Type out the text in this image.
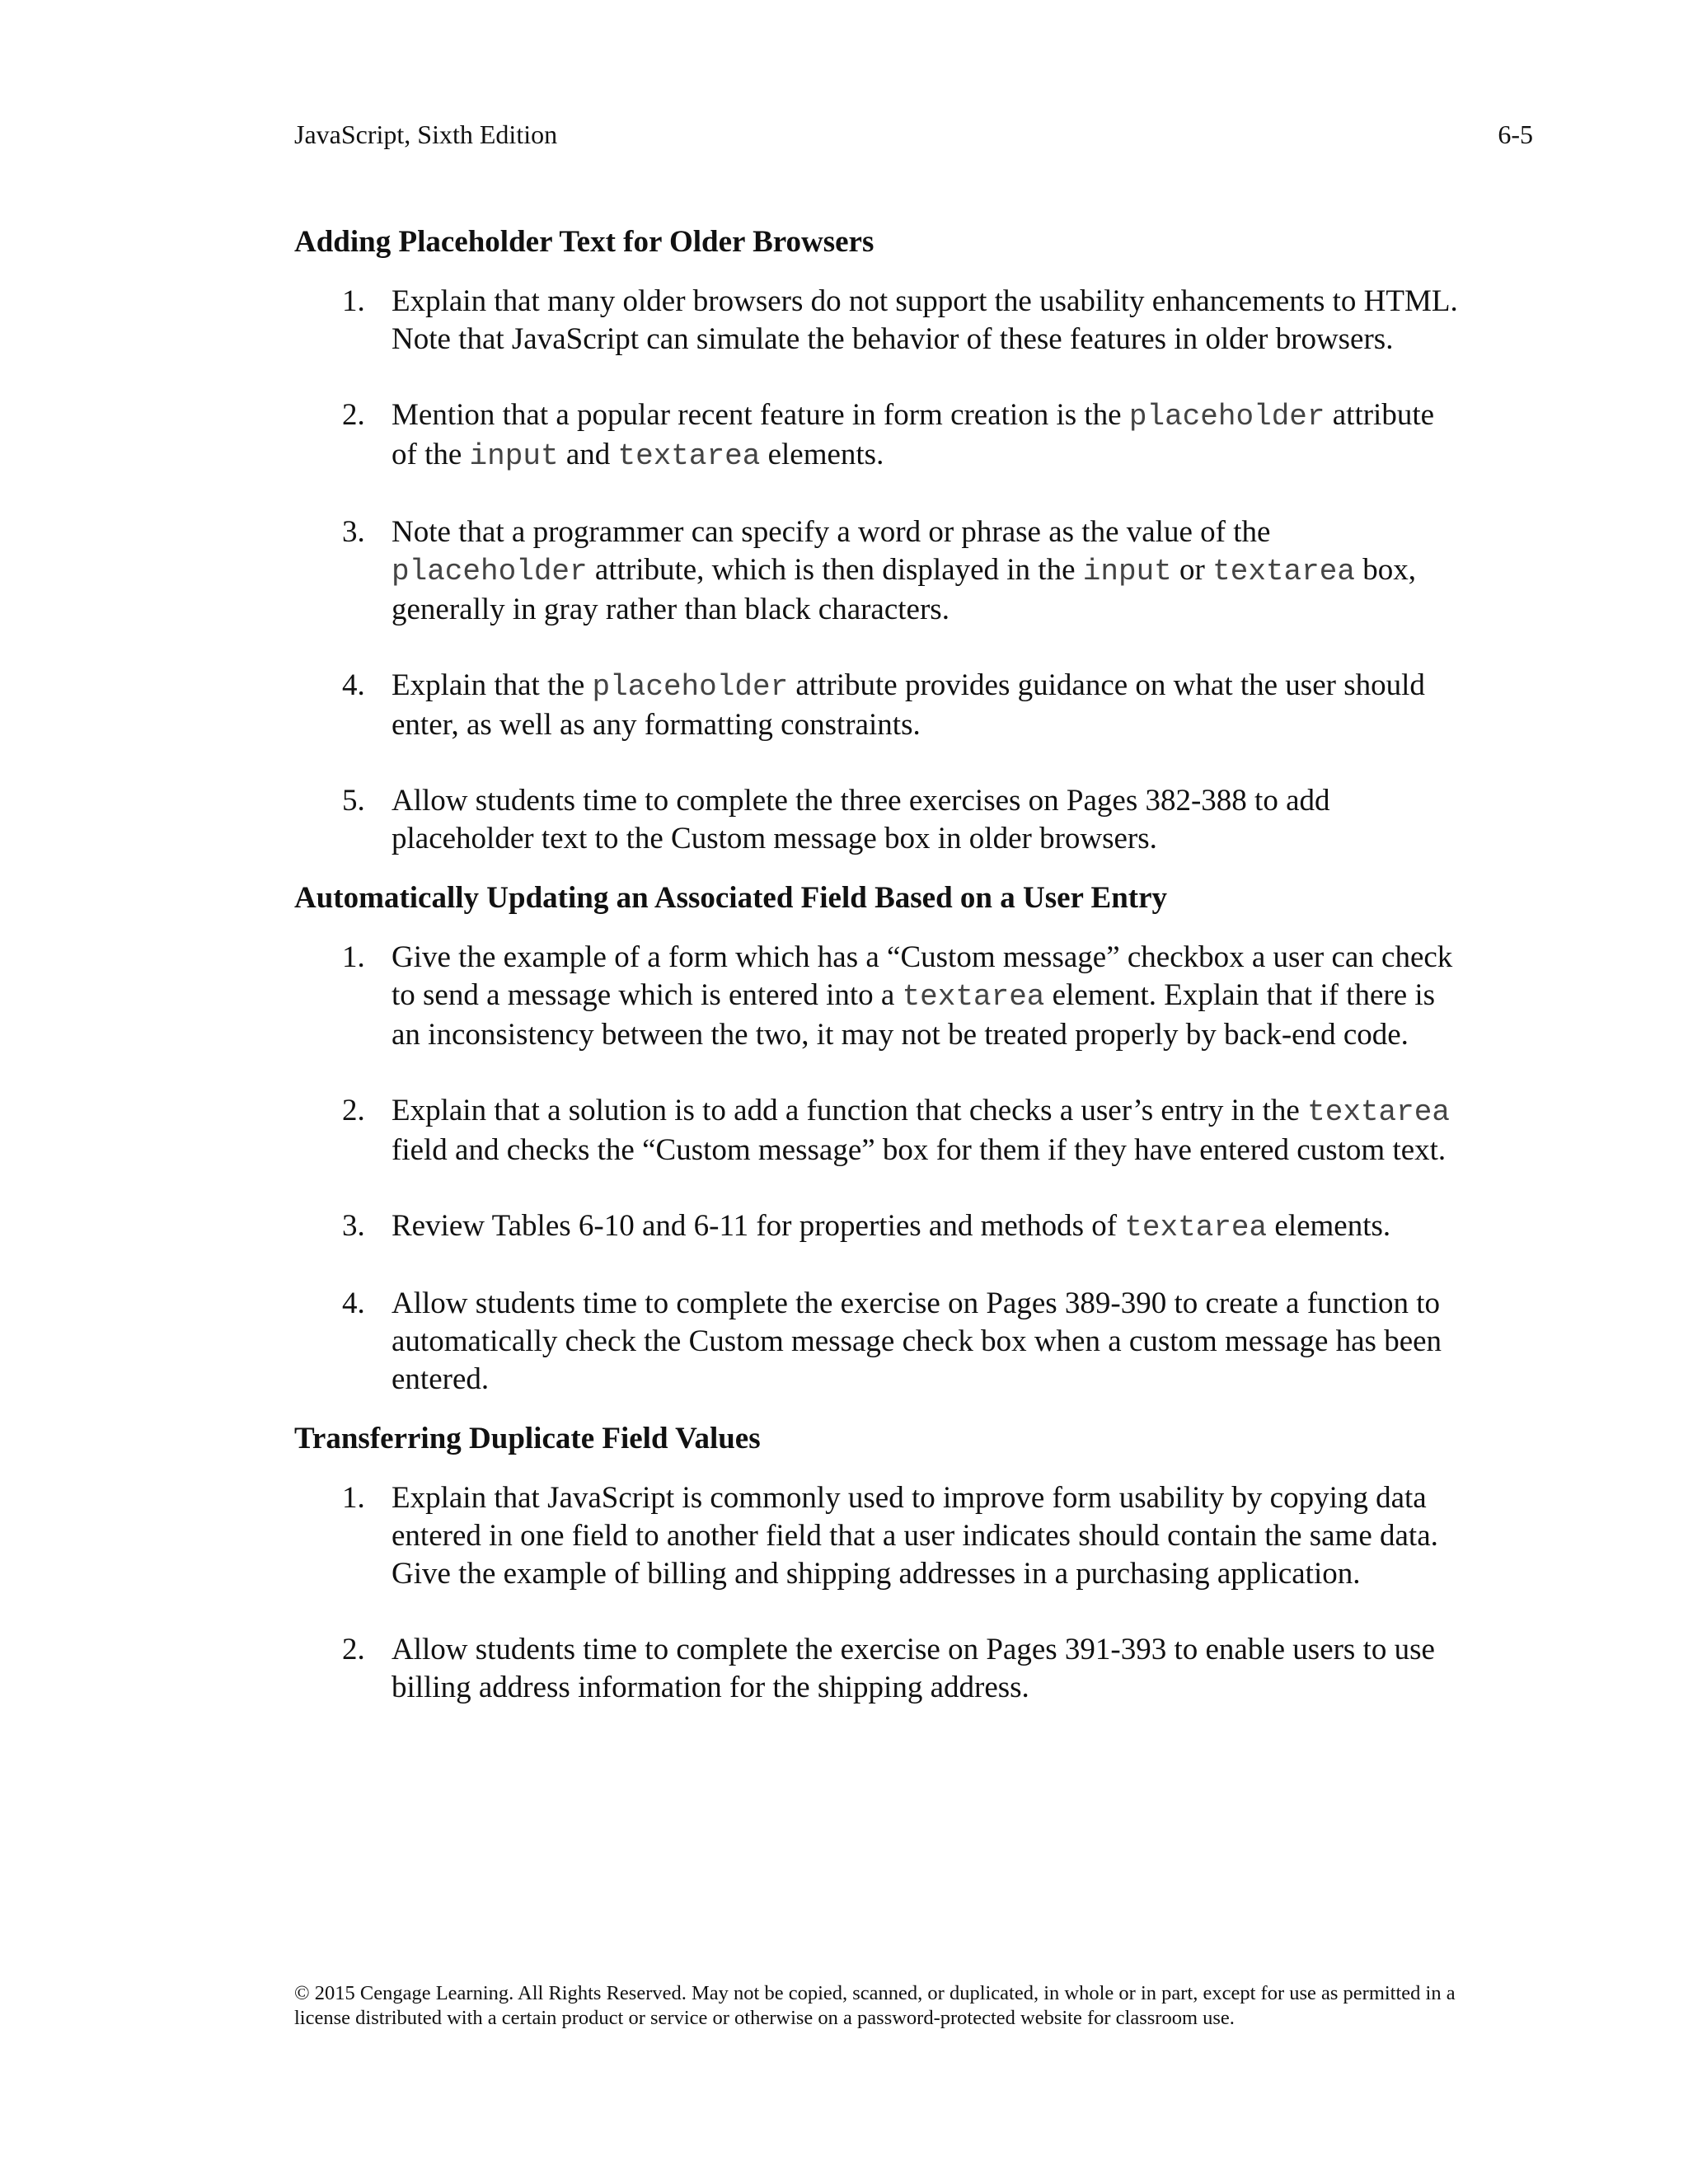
JavaScript, Sixth Edition	6-5
Adding Placeholder Text for Older Browsers
1. Explain that many older browsers do not support the usability enhancements to HTML.
Note that JavaScript can simulate the behavior of these features in older browsers.
2. Mention that a popular recent feature in form creation is the placeholder attribute
of the input and textarea elements.
3. Note that a programmer can specify a word or phrase as the value of the
placeholder attribute, which is then displayed in the input or textarea box,
generally in gray rather than black characters.
4. Explain that the placeholder attribute provides guidance on what the user should
enter, as well as any formatting constraints.
5. Allow students time to complete the three exercises on Pages 382-388 to add
placeholder text to the Custom message box in older browsers.
Automatically Updating an Associated Field Based on a User Entry
1. Give the example of a form which has a “Custom message” checkbox a user can check
to send a message which is entered into a textarea element. Explain that if there is
an inconsistency between the two, it may not be treated properly by back-end code.
2. Explain that a solution is to add a function that checks a user’s entry in the textarea
field and checks the “Custom message” box for them if they have entered custom text.
3. Review Tables 6-10 and 6-11 for properties and methods of textarea elements.
4. Allow students time to complete the exercise on Pages 389-390 to create a function to
automatically check the Custom message check box when a custom message has been
entered.
Transferring Duplicate Field Values
1. Explain that JavaScript is commonly used to improve form usability by copying data
entered in one field to another field that a user indicates should contain the same data.
Give the example of billing and shipping addresses in a purchasing application.
2. Allow students time to complete the exercise on Pages 391-393 to enable users to use
billing address information for the shipping address.
© 2015 Cengage Learning. All Rights Reserved. May not be copied, scanned, or duplicated, in whole or in part, except for use as permitted in a
license distributed with a certain product or service or otherwise on a password-protected website for classroom use.
